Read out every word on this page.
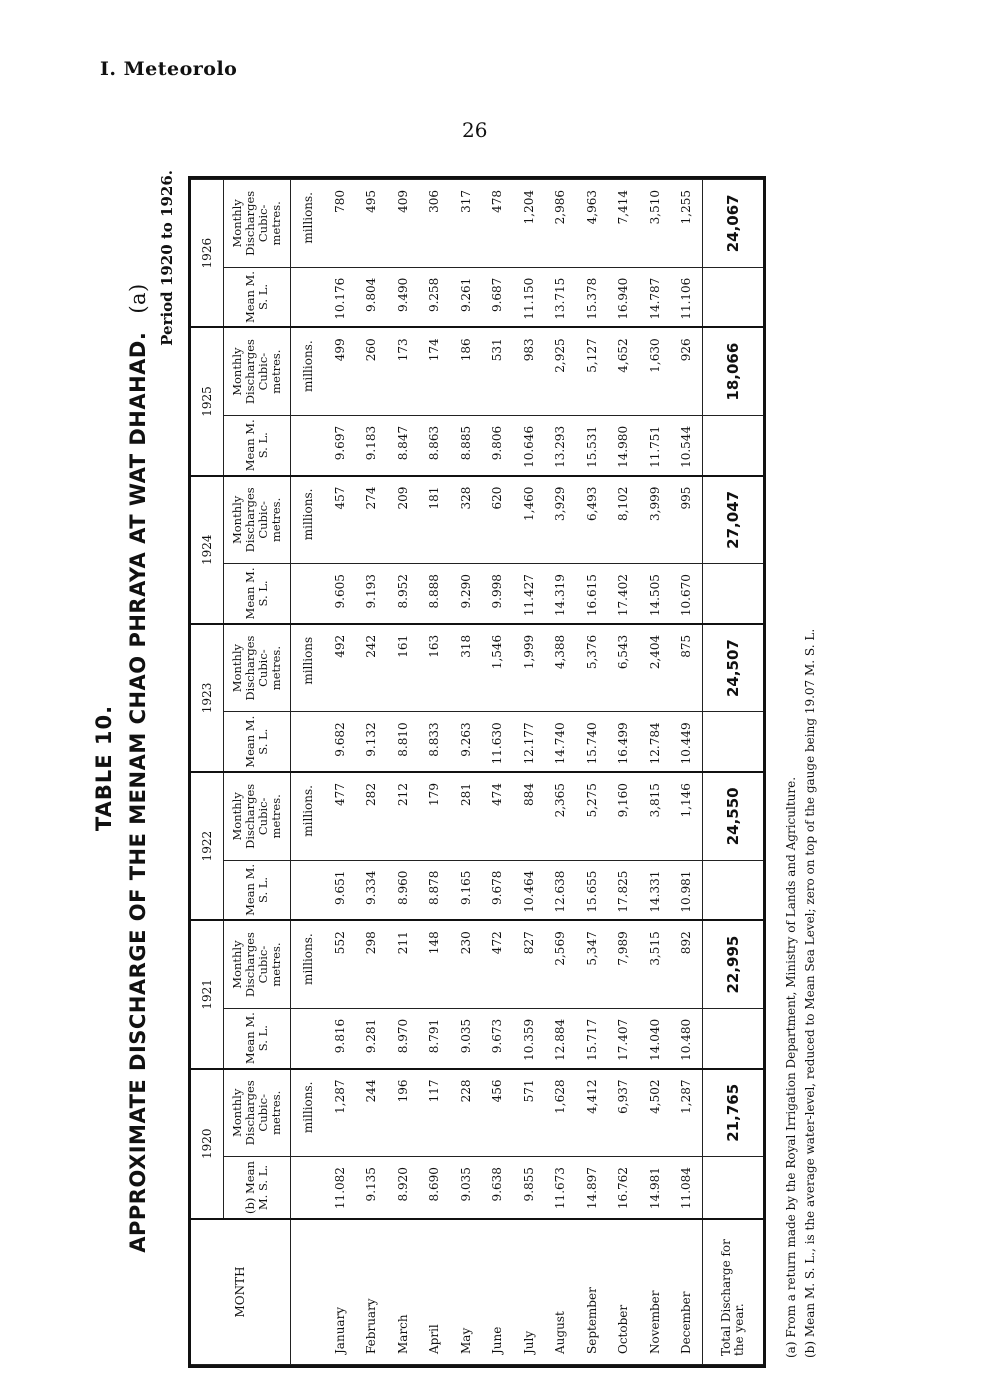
I. Meteorolo
26
TABLE 10. APPROXIMATE DISCHARGE OF THE MENAM CHAO PHRAYA AT WAT DHAHAD.(a) Period 1920 to 1926.
MONTH	1920		1921		1922		1923		1924		1925		1926	
	(b) Mean M. S. L.	Monthly Discharges Cubic-metres.	Mean M. S. L.	Monthly Discharges Cubic-metres.	Mean M. S. L.	Monthly Discharges Cubic-metres.	Mean M. S. L.	Monthly Discharges Cubic-metres.	Mean M. S. L.	Monthly Discharges Cubic-metres.	Mean M. S. L.	Monthly Discharges Cubic-metres.	Mean M. S. L.	Monthly Discharges Cubic-metres.
		millions.		millions.		millions.		millions		millions.		millions.		millions.
January	11.082	1,287	9.816	552	9.651	477	9.682	492	9.605	457	9.697	499	10.176	780
February	9.135	244	9.281	298	9.334	282	9.132	242	9.193	274	9.183	260	9.804	495
March	8.920	196	8.970	211	8.960	212	8.810	161	8.952	209	8.847	173	9.490	409
April	8.690	117	8.791	148	8.878	179	8.833	163	8.888	181	8.863	174	9.258	306
May	9.035	228	9.035	230	9.165	281	9.263	318	9.290	328	8.885	186	9.261	317
June	9.638	456	9.673	472	9.678	474	11.630	1,546	9.998	620	9.806	531	9.687	478
July	9.855	571	10.359	827	10.464	884	12.177	1,999	11.427	1,460	10.646	983	11.150	1,204
August	11.673	1,628	12.884	2,569	12.638	2,365	14.740	4,388	14.319	3,929	13.293	2,925	13.715	2,986
September	14.897	4,412	15.717	5,347	15.655	5,275	15.740	5,376	16.615	6,493	15.531	5,127	15.378	4,963
October	16.762	6,937	17.407	7,989	17.825	9,160	16.499	6,543	17.402	8,102	14.980	4,652	16.940	7,414
November	14.981	4,502	14.040	3,515	14.331	3,815	12.784	2,404	14.505	3,999	11.751	1,630	14.787	3,510
December	11.084	1,287	10.480	892	10.981	1,146	10.449	875	10.670	995	10.544	926	11.106	1,255
Total Discharge for the year.		21,765		22,995		24,550		24,507		27,047		18,066		24,067
(a) From a return made by the Royal Irrigation Department, Ministry of Lands and Agriculture. (b) Mean M. S. L., is the average water-level, reduced to Mean Sea Level; zero on top of the gauge being 19.07 M. S. L.
